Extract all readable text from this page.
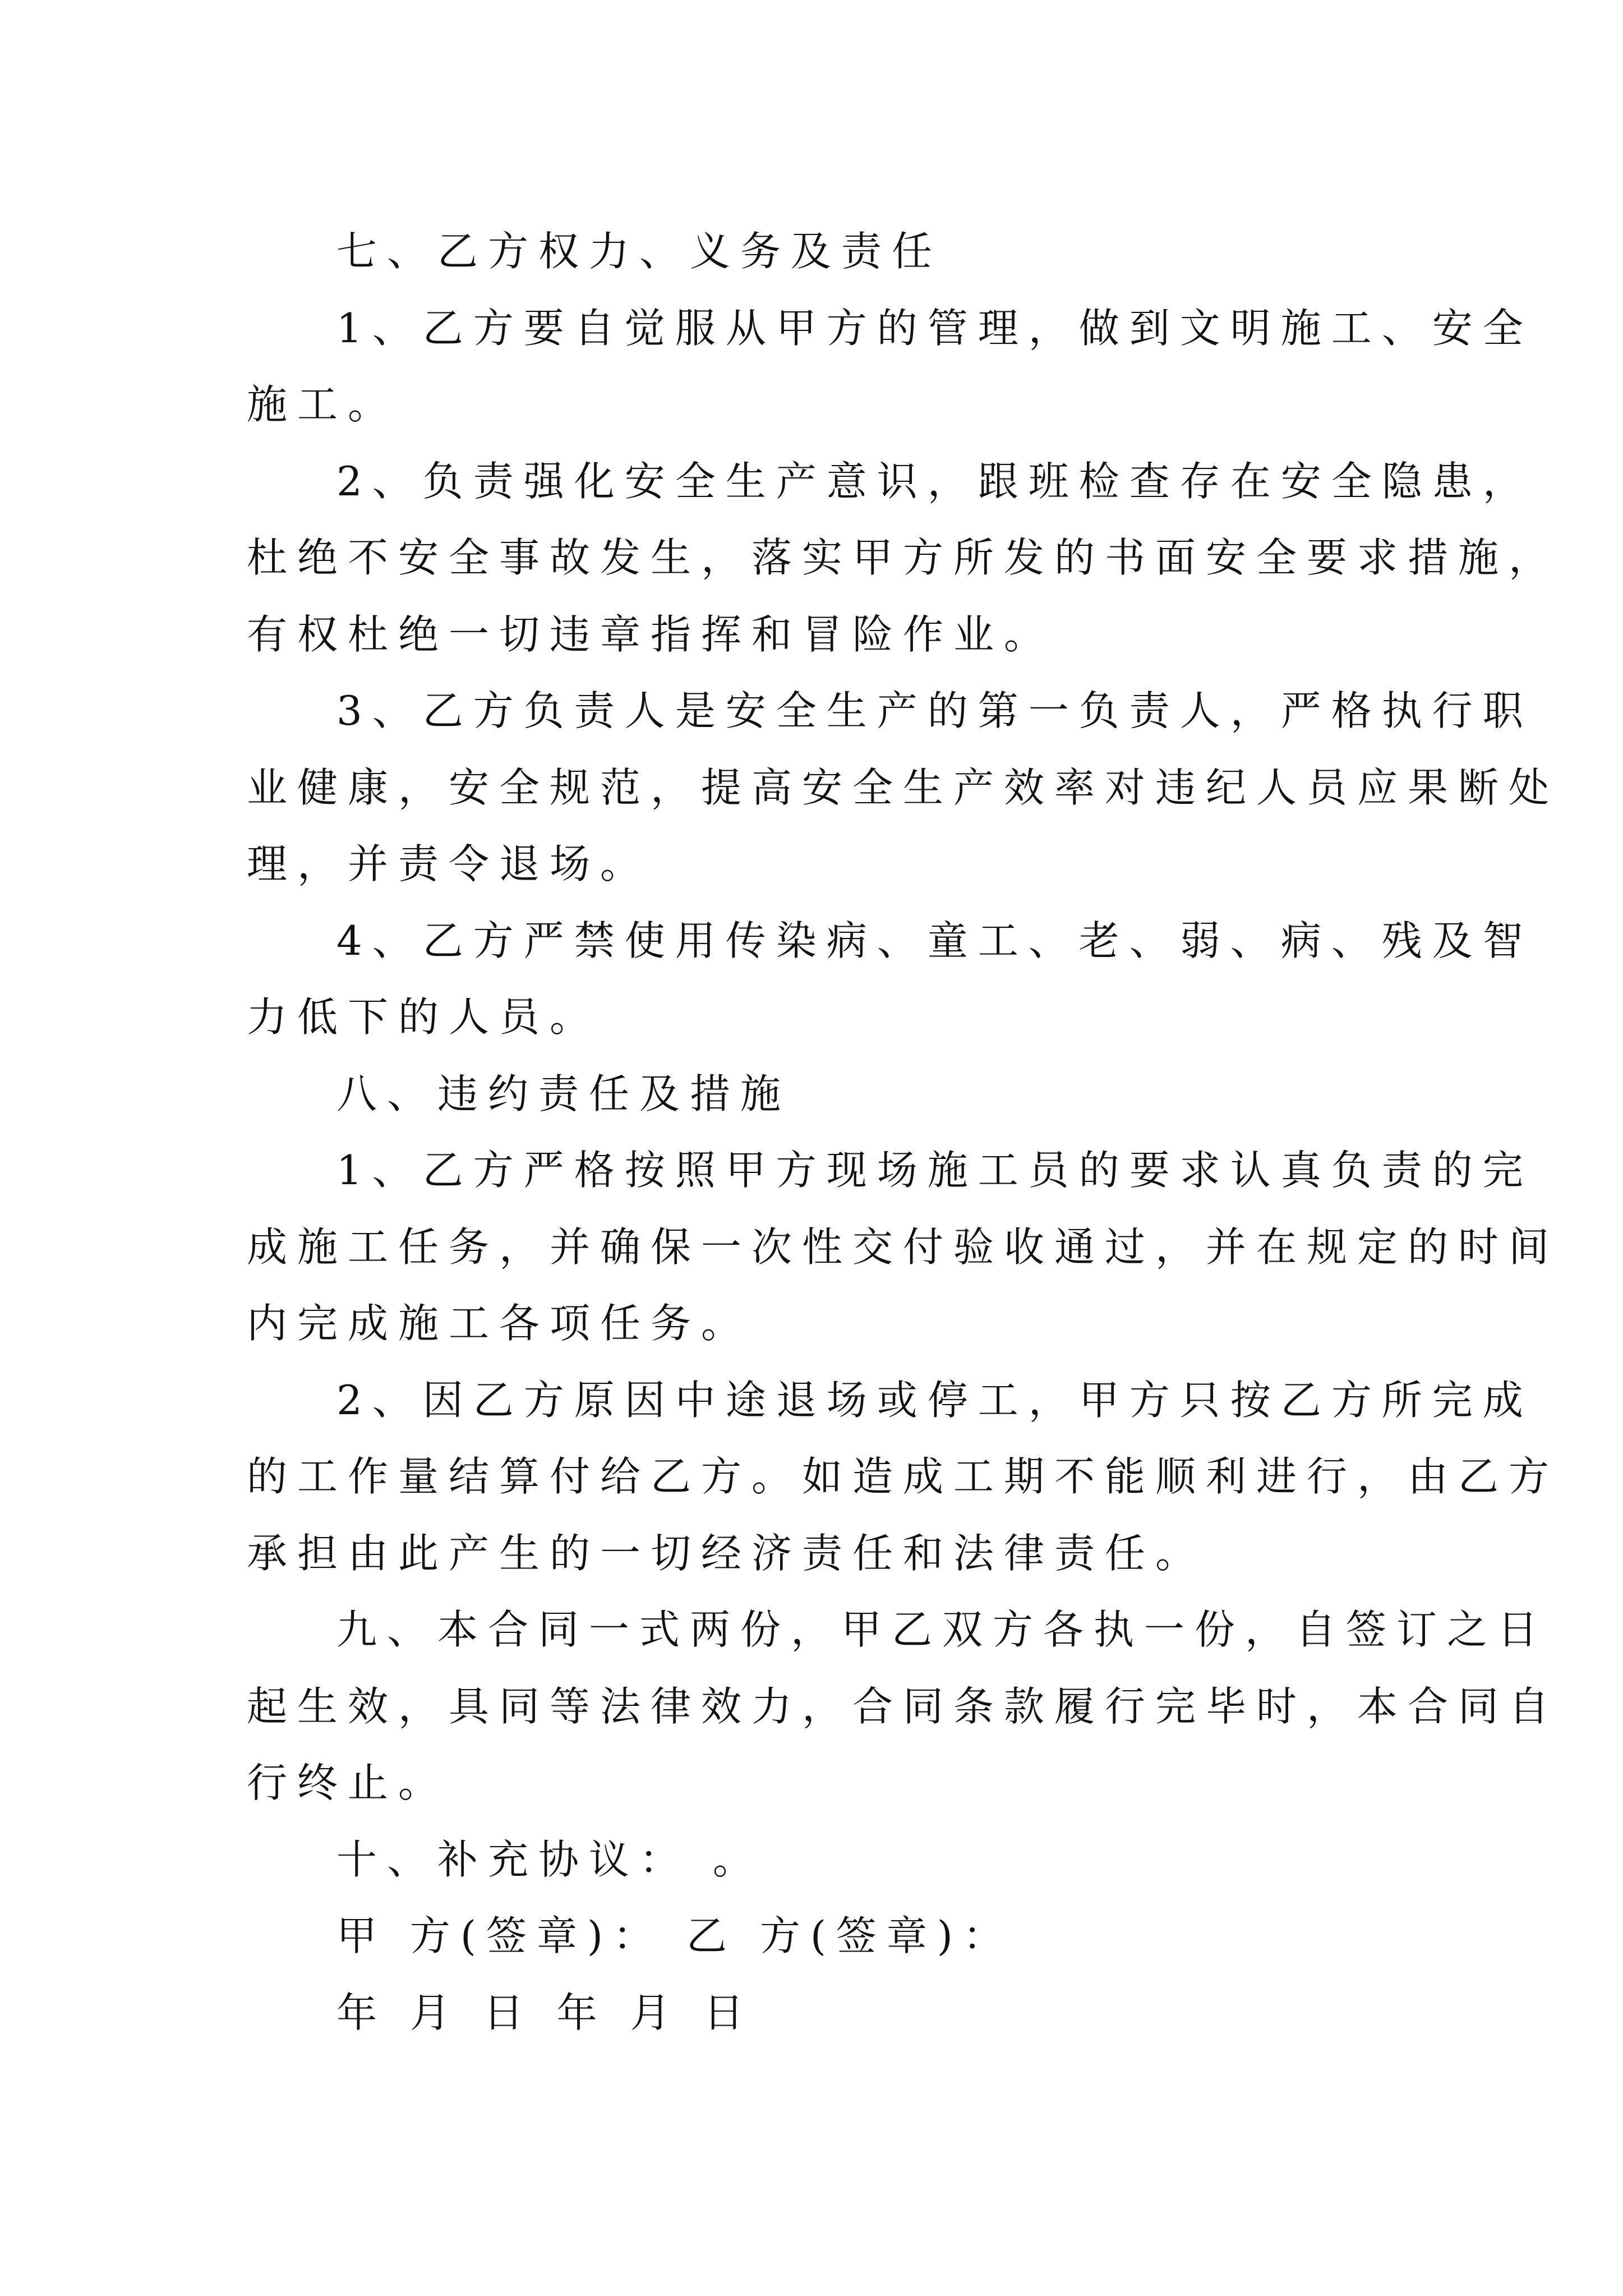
七、乙方权力、义务及责任

1、乙方要自觉服从甲方的管理，做到文明施工、安全

施工。

2、负责强化安全生产意识，跟班检查存在安全隐患，

杜绝不安全事故发生，落实甲方所发的书面安全要求措施，

有权杜绝一切违章指挥和冒险作业。

3、乙方负责人是安全生产的第一负责人，严格执行职

业健康，安全规范，提高安全生产效率对违纪人员应果断处

理，并责令退场。

4、乙方严禁使用传染病、童工、老、弱、病、残及智

力低下的人员。

八、违约责任及措施

1、乙方严格按照甲方现场施工员的要求认真负责的完

成施工任务，并确保一次性交付验收通过，并在规定的时间

内完成施工各项任务。

2、因乙方原因中途退场或停工，甲方只按乙方所完成

的工作量结算付给乙方。如造成工期不能顺利进行，由乙方

承担由此产生的一切经济责任和法律责任。

九、本合同一式两份，甲乙双方各执一份，自签订之日

起生效，具同等法律效力，合同条款履行完毕时，本合同自

行终止。

十、补充协议： 。

甲 方(签章)： 乙 方(签章)：

年 月 日 年 月 日
